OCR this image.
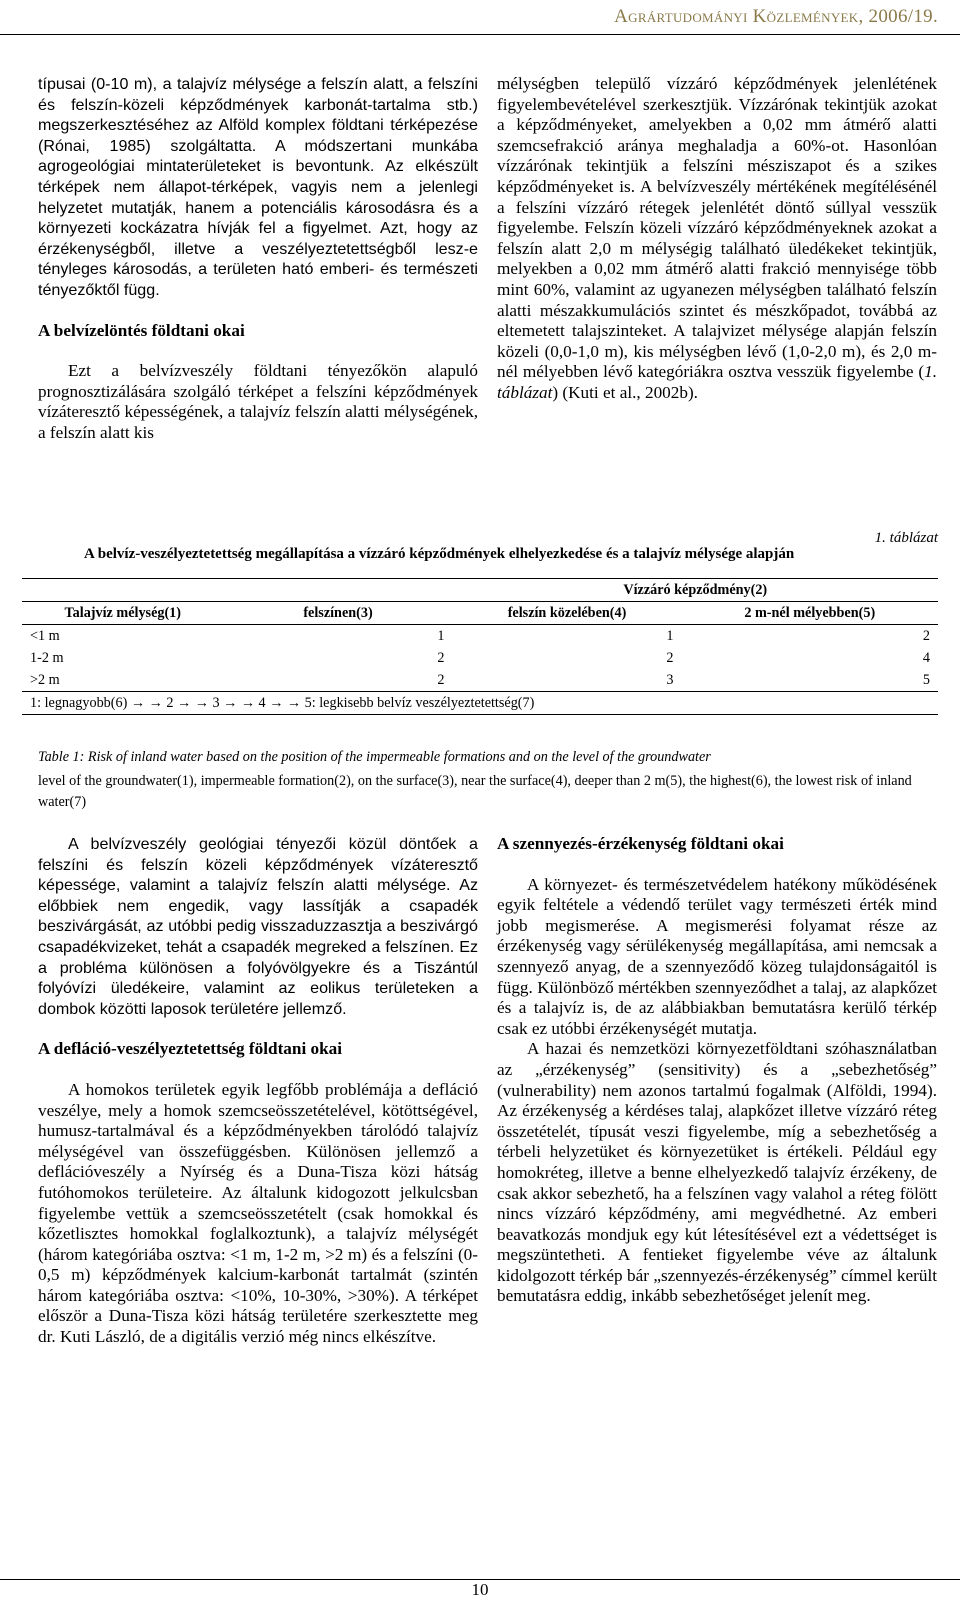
Agrártudományi Közlemények, 2006/19.

típusai (0-10 m), a talajvíz mélysége a felszín alatt, a felszíni és felszín-közeli képződmények karbonát-tartalma stb.) megszerkesztéséhez az Alföld komplex földtani térképezése (Rónai, 1985) szolgáltatta. A módszertani munkába agrogeológiai mintaterületeket is bevontunk. Az elkészült térképek nem állapot-térképek, vagyis nem a jelenlegi helyzetet mutatják, hanem a potenciális károsodásra és a környezeti kockázatra hívják fel a figyelmet. Azt, hogy az érzékenységből, illetve a veszélyeztetettségből lesz-e tényleges károsodás, a területen ható emberi- és természeti tényezőktől függ.

A belvízelöntés földtani okai

Ezt a belvízveszély földtani tényezőkön alapuló prognosztizálására szolgáló térképet a felszíni képződmények vízáteresztő képességének, a talajvíz felszín alatti mélységének, a felszín alatt kis

mélységben települő vízzáró képződmények jelenlétének figyelembevételével szerkesztjük. Vízzárónak tekintjük azokat a képződményeket, amelyekben a 0,02 mm átmérő alatti szemcsefrakció aránya meghaladja a 60%-ot. Hasonlóan vízzárónak tekintjük a felszíni mésziszapot és a szikes képződményeket is. A belvízveszély mértékének megítélésénél a felszíni vízzáró rétegek jelenlétét döntő súllyal vesszük figyelembe. Felszín közeli vízzáró képződményeknek azokat a felszín alatt 2,0 m mélységig található üledékeket tekintjük, melyekben a 0,02 mm átmérő alatti frakció mennyisége több mint 60%, valamint az ugyanezen mélységben található felszín alatti mészakkumulációs szintet és mészkőpadot, továbbá az eltemetett talajszinteket. A talajvizet mélysége alapján felszín közeli (0,0-1,0 m), kis mélységben lévő (1,0-2,0 m), és 2,0 m-nél mélyebben lévő kategóriákra osztva vesszük figyelembe (1. táblázat) (Kuti et al., 2002b).

1. táblázat
A belvíz-veszélyeztetettség megállapítása a vízzáró képződmények elhelyezkedése és a talajvíz mélysége alapján
		Vízzáró képződmény(2)	
Talajvíz mélység(1)	felszínen(3)	felszín közelében(4)	2 m-nél mélyebben(5)
<1 m	1	1	2
1-2 m	2	2	4
>2 m	2	3	5
1: legnagyobb(6) → → 2 → → 3 → → 4 → → 5: legkisebb belvíz veszélyeztetettség(7)			
Table 1: Risk of inland water based on the position of the impermeable formations and on the level of the groundwater
level of the groundwater(1), impermeable formation(2), on the surface(3), near the surface(4), deeper than 2 m(5), the highest(6), the lowest risk of inland water(7)

A belvízveszély geológiai tényezői közül döntőek a felszíni és felszín közeli képződmények vízáteresztő képessége, valamint a talajvíz felszín alatti mélysége. Az előbbiek nem engedik, vagy lassítják a csapadék beszivárgását, az utóbbi pedig visszaduzzasztja a beszivárgó csapadékvizeket, tehát a csapadék megreked a felszínen. Ez a probléma különösen a folyóvölgyekre és a Tiszántúl folyóvízi üledékeire, valamint az eolikus területeken a dombok közötti laposok területére jellemző.

A defláció-veszélyeztetettség földtani okai

A homokos területek egyik legfőbb problémája a defláció veszélye, mely a homok szemcseösszetételével, kötöttségével, humusz-tartalmával és a képződményekben tárolódó talajvíz mélységével van összefüggésben. Különösen jellemző a deflációveszély a Nyírség és a Duna-Tisza közi hátság futóhomokos területeire. Az általunk kidogozott jelkulcsban figyelembe vettük a szemcseösszetételt (csak homokkal és kőzetlisztes homokkal foglalkoztunk), a talajvíz mélységét (három kategóriába osztva: <1 m, 1-2 m, >2 m) és a felszíni (0-0,5 m) képződmények kalcium-karbonát tartalmát (szintén három kategóriába osztva: <10%, 10-30%, >30%). A térképet először a Duna-Tisza közi hátság területére szerkesztette meg dr. Kuti László, de a digitális verzió még nincs elkészítve.

A szennyezés-érzékenység földtani okai

A környezet- és természetvédelem hatékony működésének egyik feltétele a védendő terület vagy természeti érték mind jobb megismerése. A megismerési folyamat része az érzékenység vagy sérülékenység megállapítása, ami nemcsak a szennyező anyag, de a szennyeződő közeg tulajdonságaitól is függ. Különböző mértékben szennyeződhet a talaj, az alapkőzet és a talajvíz is, de az alábbiakban bemutatásra kerülő térkép csak ez utóbbi érzékenységét mutatja.

A hazai és nemzetközi környezetföldtani szóhasználatban az „érzékenység” (sensitivity) és a „sebezhetőség” (vulnerability) nem azonos tartalmú fogalmak (Alföldi, 1994). Az érzékenység a kérdéses talaj, alapkőzet illetve vízzáró réteg összetételét, típusát veszi figyelembe, míg a sebezhetőség a térbeli helyzetüket és környezetüket is értékeli. Például egy homokréteg, illetve a benne elhelyezkedő talajvíz érzékeny, de csak akkor sebezhető, ha a felszínen vagy valahol a réteg fölött nincs vízzáró képződmény, ami megvédhetné. Az emberi beavatkozás mondjuk egy kút létesítésével ezt a védettséget is megszüntetheti. A fentieket figyelembe véve az általunk kidolgozott térkép bár „szennyezés-érzékenység” címmel került bemutatásra eddig, inkább sebezhetőséget jelenít meg.

10
